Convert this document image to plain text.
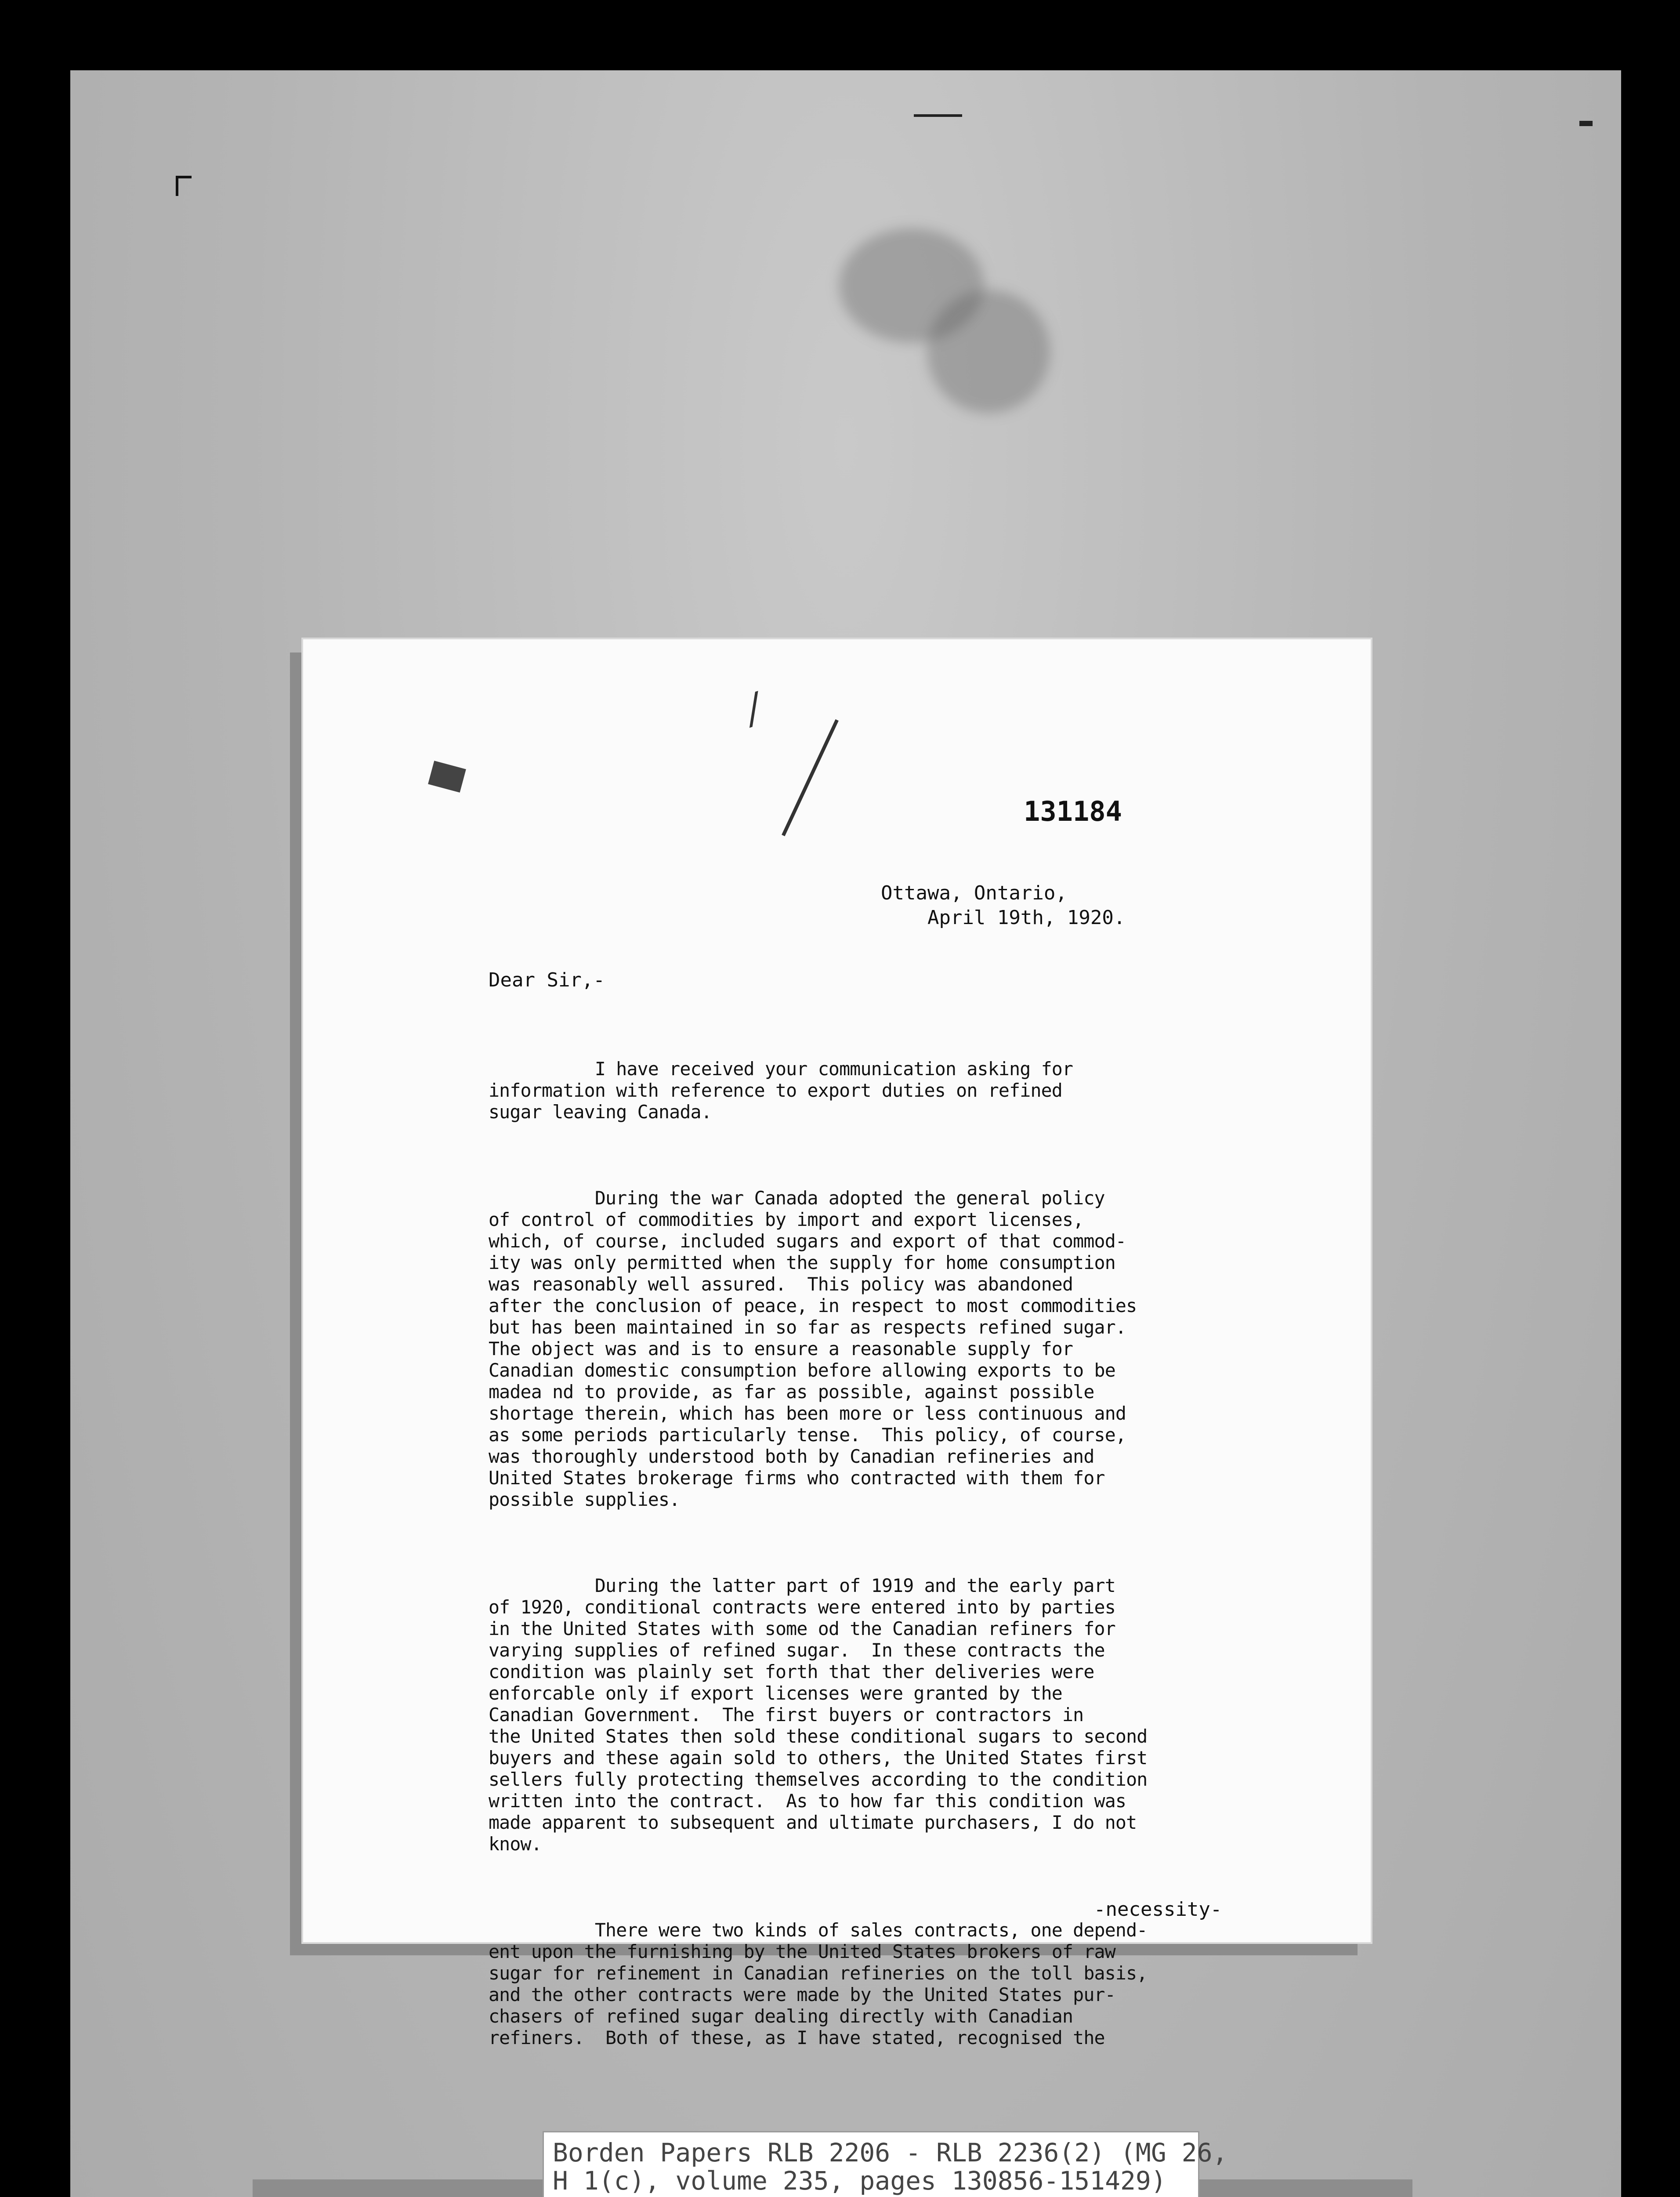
/
131184
Ottawa, Ontario,
April 19th, 1920.
Dear Sir,-

I have received your communication asking for
information with reference to export duties on refined
sugar leaving Canada.

During the war Canada adopted the general policy
of control of commodities by import and export licenses,
which, of course, included sugars and export of that commod-
ity was only permitted when the supply for home consumption
was reasonably well assured.  This policy was abandoned
after the conclusion of peace, in respect to most commodities
but has been maintained in so far as respects refined sugar.
The object was and is to ensure a reasonable supply for
Canadian domestic consumption before allowing exports to be
madea nd to provide, as far as possible, against possible
shortage therein, which has been more or less continuous and
as some periods particularly tense.  This policy, of course,
was thoroughly understood both by Canadian refineries and
United States brokerage firms who contracted with them for
possible supplies.

During the latter part of 1919 and the early part
of 1920, conditional contracts were entered into by parties
in the United States with some od the Canadian refiners for
varying supplies of refined sugar.  In these contracts the
condition was plainly set forth that ther deliveries were
enforcable only if export licenses were granted by the
Canadian Government.  The first buyers or contractors in
the United States then sold these conditional sugars to second
buyers and these again sold to others, the United States first
sellers fully protecting themselves according to the condition
written into the contract.  As to how far this condition was
made apparent to subsequent and ultimate purchasers, I do not
know.

There were two kinds of sales contracts, one depend-
ent upon the furnishing by the United States brokers of raw
sugar for refinement in Canadian refineries on the toll basis,
and the other contracts were made by the United States pur-
chasers of refined sugar dealing directly with Canadian
refiners.  Both of these, as I have stated, recognised the

-necessity-
Borden Papers RLB 2206 - RLB 2236(2) (MG 26,
H 1(c), volume 235, pages 130856-151429)
